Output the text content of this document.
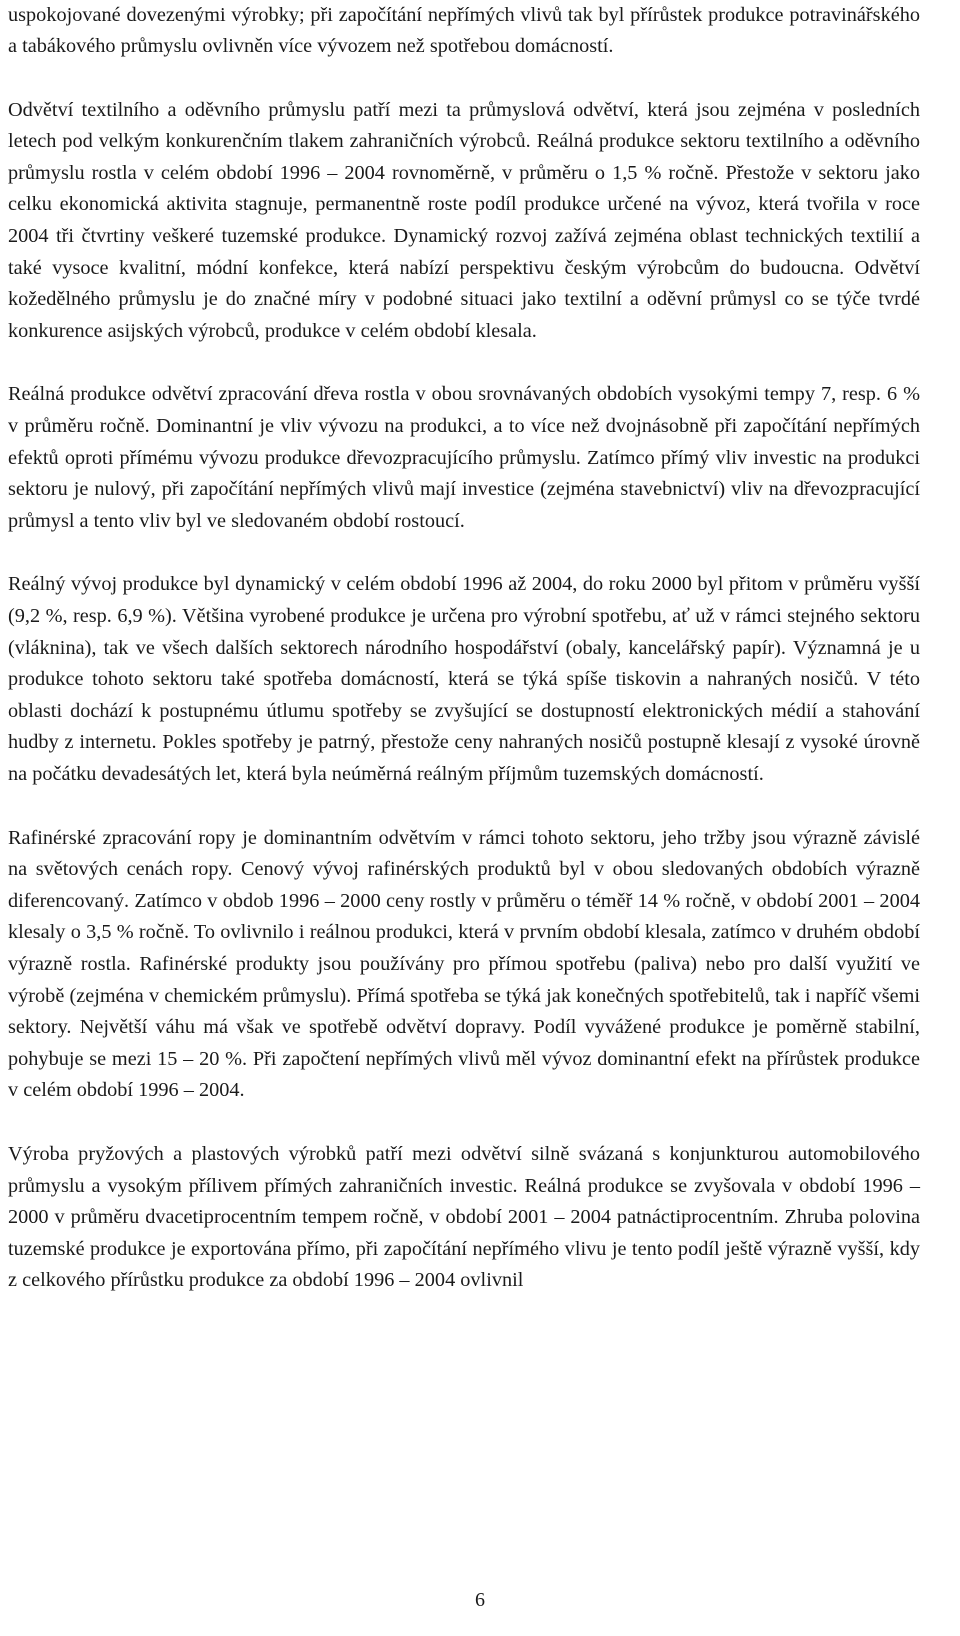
uspokojované dovezenými výrobky; při započítání nepřímých vlivů tak byl přírůstek produkce potravinářského a tabákového průmyslu ovlivněn více vývozem než spotřebou domácností.

Odvětví textilního a oděvního průmyslu patří mezi ta průmyslová odvětví, která jsou zejména v posledních letech pod velkým konkurenčním tlakem zahraničních výrobců. Reálná produkce sektoru textilního a oděvního průmyslu rostla v celém období 1996 – 2004 rovnoměrně, v průměru o 1,5 % ročně. Přestože v sektoru jako celku ekonomická aktivita stagnuje, permanentně roste podíl produkce určené na vývoz, která tvořila v roce 2004 tři čtvrtiny veškeré tuzemské produkce. Dynamický rozvoj zažívá zejména oblast technických textilií a také vysoce kvalitní, módní konfekce, která nabízí perspektivu českým výrobcům do budoucna. Odvětví kožedělného průmyslu je do značné míry v podobné situaci jako textilní a oděvní průmysl co se týče tvrdé konkurence asijských výrobců, produkce v celém období klesala.

Reálná produkce odvětví zpracování dřeva rostla v obou srovnávaných obdobích vysokými tempy 7, resp. 6 % v průměru ročně. Dominantní je vliv vývozu na produkci, a to více než dvojnásobně při započítání nepřímých efektů oproti přímému vývozu produkce dřevozpracujícího průmyslu. Zatímco přímý vliv investic na produkci sektoru je nulový, při započítání nepřímých vlivů mají investice (zejména stavebnictví) vliv na dřevozpracující průmysl a tento vliv byl ve sledovaném období rostoucí.

Reálný vývoj produkce byl dynamický v celém období 1996 až 2004, do roku 2000 byl přitom v průměru vyšší (9,2 %, resp. 6,9 %). Většina vyrobené produkce je určena pro výrobní spotřebu, ať už v rámci stejného sektoru (vláknina), tak ve všech dalších sektorech národního hospodářství (obaly, kancelářský papír). Významná je u produkce tohoto sektoru také spotřeba domácností, která se týká spíše tiskovin a nahraných nosičů. V této oblasti dochází k postupnému útlumu spotřeby se zvyšující se dostupností elektronických médií a stahování hudby z internetu. Pokles spotřeby je patrný, přestože ceny nahraných nosičů postupně klesají z vysoké úrovně na počátku devadesátých let, která byla neúměrná reálným příjmům tuzemských domácností.

Rafinérské zpracování ropy je dominantním odvětvím v rámci tohoto sektoru, jeho tržby jsou výrazně závislé na světových cenách ropy. Cenový vývoj rafinérských produktů byl v obou sledovaných obdobích výrazně diferencovaný. Zatímco v obdob 1996 – 2000 ceny rostly v průměru o téměř 14 % ročně, v období 2001 – 2004 klesaly o 3,5 % ročně. To ovlivnilo i reálnou produkci, která v prvním období klesala, zatímco v druhém období výrazně rostla. Rafinérské produkty jsou používány pro přímou spotřebu (paliva) nebo pro další využití ve výrobě (zejména v chemickém průmyslu). Přímá spotřeba se týká jak konečných spotřebitelů, tak i napříč všemi sektory. Největší váhu má však ve spotřebě odvětví dopravy. Podíl vyvážené produkce je poměrně stabilní, pohybuje se mezi 15 – 20 %. Při započtení nepřímých vlivů měl vývoz dominantní efekt na přírůstek produkce v celém období 1996 – 2004.

Výroba pryžových a plastových výrobků patří mezi odvětví silně svázaná s konjunkturou automobilového průmyslu a vysokým přílivem přímých zahraničních investic. Reálná produkce se zvyšovala v období 1996 – 2000 v průměru dvacetiprocentním tempem ročně, v období 2001 – 2004 patnáctiprocentním. Zhruba polovina tuzemské produkce je exportována přímo, při započítání nepřímého vlivu je tento podíl ještě výrazně vyšší, kdy z celkového přírůstku produkce za období 1996 – 2004 ovlivnil

6
